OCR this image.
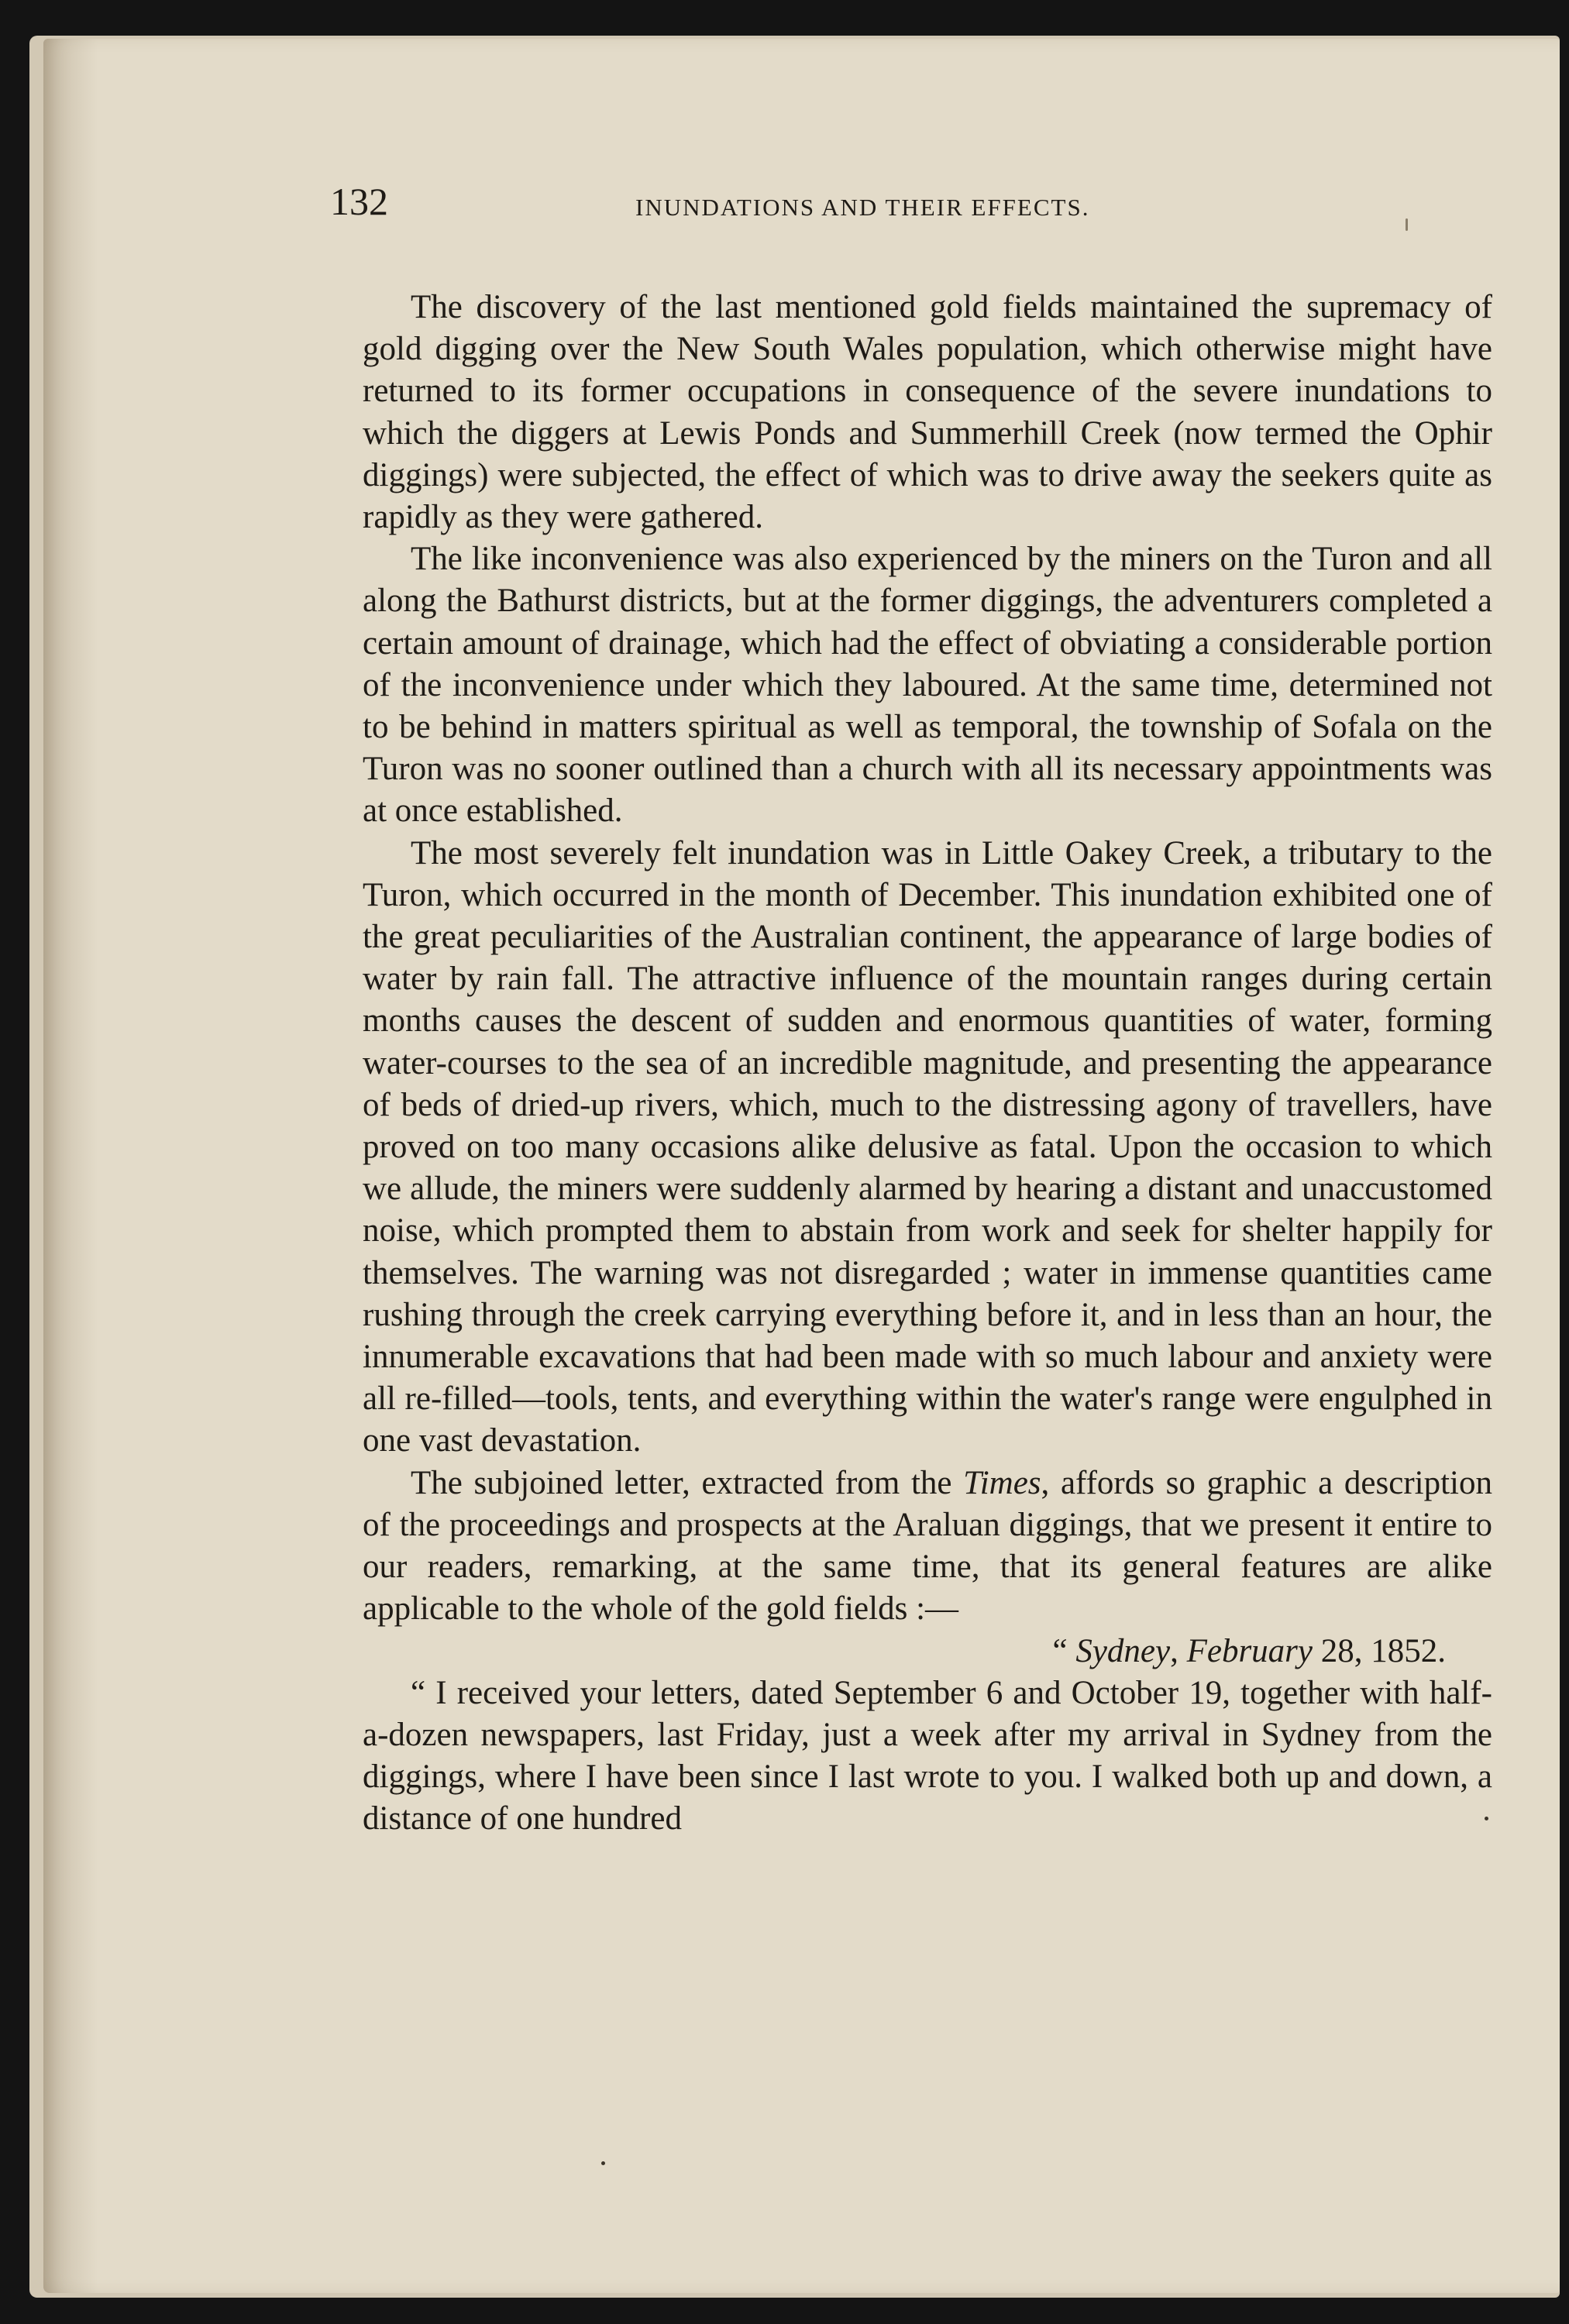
132	INUNDATIONS AND THEIR EFFECTS.

The discovery of the last mentioned gold fields maintained the supremacy of gold digging over the New South Wales population, which otherwise might have returned to its former occupations in consequence of the severe inundations to which the diggers at Lewis Ponds and Summerhill Creek (now termed the Ophir diggings) were subjected, the effect of which was to drive away the seekers quite as rapidly as they were gathered.

The like inconvenience was also experienced by the miners on the Turon and all along the Bathurst districts, but at the former diggings, the adventurers completed a certain amount of drainage, which had the effect of obviating a considerable portion of the inconvenience under which they laboured. At the same time, determined not to be behind in matters spiritual as well as temporal, the township of Sofala on the Turon was no sooner outlined than a church with all its necessary appointments was at once established.

The most severely felt inundation was in Little Oakey Creek, a tributary to the Turon, which occurred in the month of December. This inundation exhibited one of the great peculiarities of the Australian continent, the appearance of large bodies of water by rain fall. The attractive influence of the mountain ranges during certain months causes the descent of sudden and enormous quantities of water, forming water-courses to the sea of an incredible magnitude, and presenting the appearance of beds of dried-up rivers, which, much to the distressing agony of travellers, have proved on too many occasions alike delusive as fatal. Upon the occasion to which we allude, the miners were suddenly alarmed by hearing a distant and unaccustomed noise, which prompted them to abstain from work and seek for shelter happily for themselves. The warning was not disregarded ; water in immense quantities came rushing through the creek carrying everything before it, and in less than an hour, the innumerable excavations that had been made with so much labour and anxiety were all re-filled—tools, tents, and everything within the water's range were engulphed in one vast devastation.

The subjoined letter, extracted from the Times, affords so graphic a description of the proceedings and prospects at the Araluan diggings, that we present it entire to our readers, remarking, at the same time, that its general features are alike applicable to the whole of the gold fields :—

“ Sydney, February 28, 1852.

“ I received your letters, dated September 6 and October 19, together with half-a-dozen newspapers, last Friday, just a week after my arrival in Sydney from the diggings, where I have been since I last wrote to you. I walked both up and down, a distance of one hundred
